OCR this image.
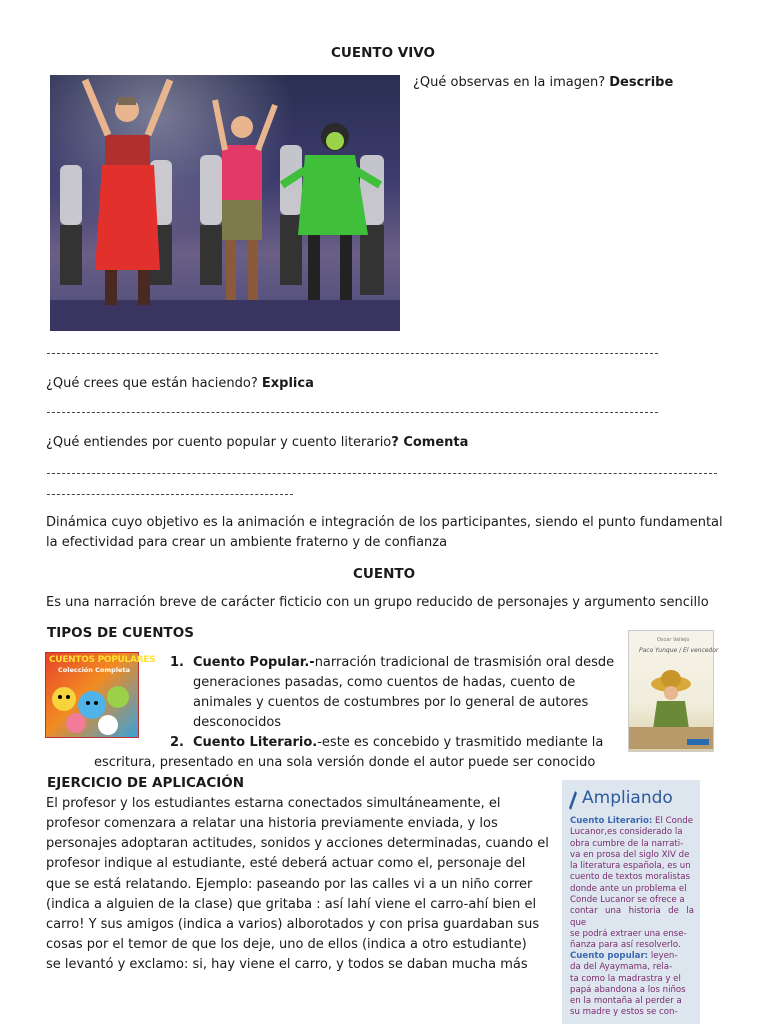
CUENTO VIVO
¿Qué observas en la imagen? Describe
¿Qué crees que están haciendo? Explica
¿Qué entiendes por cuento popular y cuento literario? Comenta
Dinámica cuyo objetivo es la animación e integración de los participantes, siendo el punto fundamental
la efectividad para crear un ambiente fraterno y de confianza
CUENTO
Es una narración breve de carácter ficticio con un grupo reducido de personajes y argumento sencillo
TIPOS DE CUENTOS
CUENTOS POPULARES
Colección Completa
Oscar Vallejo
Paco Yunque / El vencedor
1. Cuento Popular.-narración tradicional de trasmisión oral desde
generaciones pasadas, como cuentos de hadas, cuento de
animales y cuentos de costumbres por lo general de autores
desconocidos
2. Cuento Literario.-este es concebido y trasmitido mediante la
escritura, presentado en una sola versión donde el autor puede ser conocido
EJERCICIO DE APLICACIÓN
El profesor y los estudiantes estarna conectados simultáneamente, el
profesor comenzara a relatar una historia previamente enviada, y los
personajes adoptaran actitudes, sonidos y acciones determinadas, cuando el
profesor indique al estudiante, esté deberá actuar como el, personaje del
que se está relatando. Ejemplo: paseando por las calles vi a un niño correr
(indica a alguien de la clase) que gritaba : así lahí viene el carro-ahí bien el
carro! Y sus amigos (indica a varios) alborotados y con prisa guardaban sus
cosas por el temor de que los deje, uno de ellos (indica a otro estudiante)
se levantó y exclamo: si, hay viene el carro, y todos se daban mucha más
Ampliando
Cuento Literario: El Conde
Lucanor,es considerado la
obra cumbre de la narrati-
va en prosa del siglo XIV de
la literatura española, es un
cuento de textos moralistas
donde ante un problema el
Conde Lucanor se ofrece a
contar una historia de la que
se podrá extraer una ense-
ñanza para así resolverlo.
Cuento popular: leyen-
da del Ayaymama, rela-
ta como la madrastra y el
papá abandona a los niños
en la montaña al perder a
su madre y estos se con-
